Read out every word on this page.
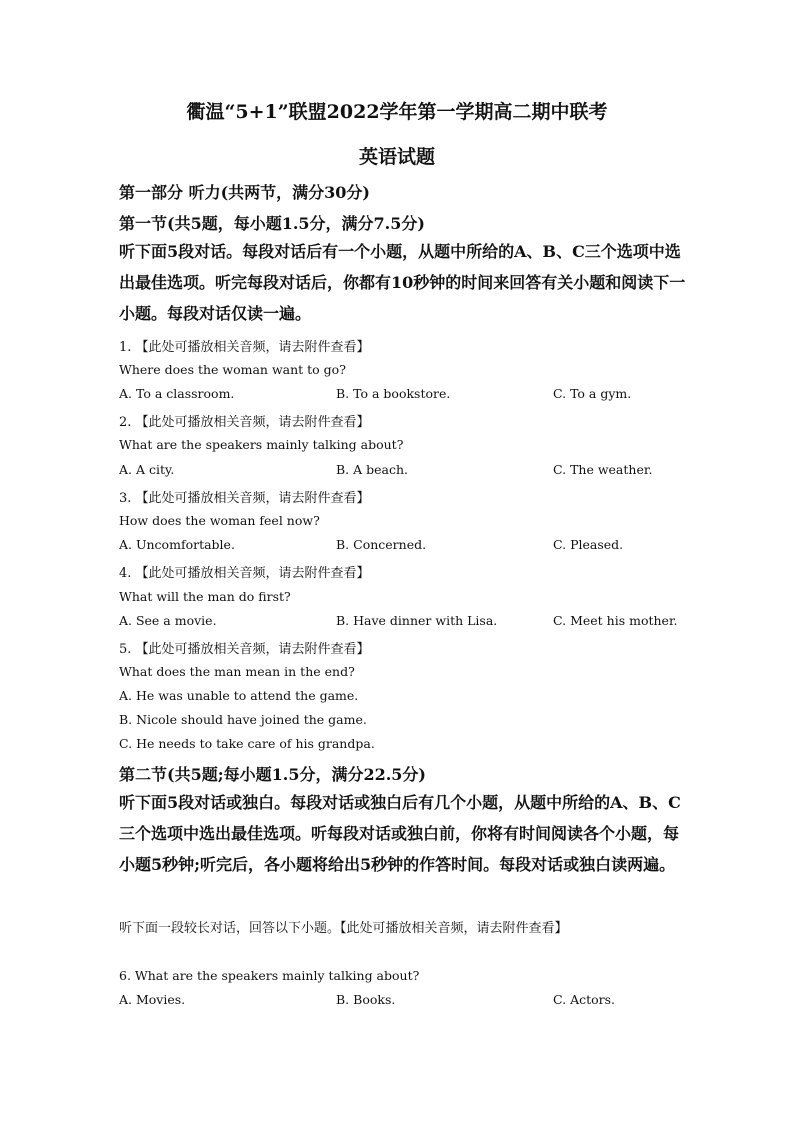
衢温“5+1”联盟2022学年第一学期高二期中联考
英语试题
第一部分 听力(共两节，满分30分)
第一节(共5题，每小题1.5分，满分7.5分)
听下面5段对话。每段对话后有一个小题，从题中所给的A、B、C三个选项中选出最佳选项。听完每段对话后，你都有10秒钟的时间来回答有关小题和阅读下一小题。每段对话仅读一遍。
1. 【此处可播放相关音频，请去附件查看】
Where does the woman want to go?
A. To a classroom.	B. To a bookstore.	C. To a gym.
2. 【此处可播放相关音频，请去附件查看】
What are the speakers mainly talking about?
A. A city.	B. A beach.	C. The weather.
3. 【此处可播放相关音频，请去附件查看】
How does the woman feel now?
A. Uncomfortable.	B. Concerned.	C. Pleased.
4. 【此处可播放相关音频，请去附件查看】
What will the man do first?
A. See a movie.	B. Have dinner with Lisa.	C. Meet his mother.
5. 【此处可播放相关音频，请去附件查看】
What does the man mean in the end?
A. He was unable to attend the game.
B. Nicole should have joined the game.
C. He needs to take care of his grandpa.
第二节(共5题;每小题1.5分，满分22.5分)
听下面5段对话或独白。每段对话或独白后有几个小题，从题中所给的A、B、C三个选项中选出最佳选项。听每段对话或独白前，你将有时间阅读各个小题，每小题5秒钟;听完后，各小题将给出5秒钟的作答时间。每段对话或独白读两遍。
听下面一段较长对话，回答以下小题。【此处可播放相关音频，请去附件查看】
6. What are the speakers mainly talking about?
A. Movies.	B. Books.	C. Actors.
